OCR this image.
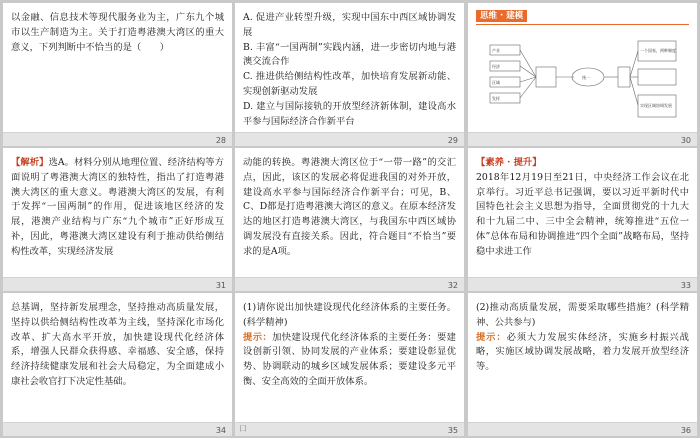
以金融、信息技术等现代服务业为主，广东九个城市以生产制造为主。关于打造粤港澳大湾区的重大意义，下列判断中不恰当的是（　　）
28
A. 促进产业转型升级，实现中国东中西区域协调发展
B. 丰富“一国两制”实践内涵，进一步密切内地与港澳交流合作
C. 推进供给侧结构性改革，加快培育发展新动能、实现创新驱动发展
D. 建立与国际接轨的开放型经济新体制，建设高水平参与国际经济合作新平台
29
思维 · 建模
一个国家，两种制度
产业
经济
区域
发挥
统一
实现区域协调发展
30
【解析】选A。材料分别从地理位置、经济结构等方面说明了粤港澳大湾区的独特性，指出了打造粤港澳大湾区的重大意义。粤港澳大湾区的发展，有利于发挥“一国两制”的作用，促进该地区经济的发展，港澳产业结构与广东“九个城市”正好形成互补，因此，粤港澳大湾区建设有利于推动供给侧结构性改革，实现经济发展
31
动能的转换。粤港澳大湾区位于“一带一路”的交汇点，因此，该区的发展必将促进我国的对外开放，建设高水平参与国际经济合作新平台；可见，B、C、D都是打造粤港澳大湾区的意义。在原本经济发达的地区打造粤港澳大湾区，与我国东中西区域协调发展没有直接关系。因此，符合题目“不恰当”要求的是A项。
32
【素养 · 提升】
2018年12月19日至21日，中央经济工作会议在北京举行。习近平总书记强调，要以习近平新时代中国特色社会主义思想为指导，全面贯彻党的十九大和十九届二中、三中全会精神，统筹推进“五位一体”总体布局和协调推进“四个全面”战略布局，坚持稳中求进工作
33
总基调，坚持新发展理念，坚持推动高质量发展，坚持以供给侧结构性改革为主线，坚持深化市场化改革、扩大高水平开放，加快建设现代化经济体系，增强人民群众获得感、幸福感、安全感，保持经济持续健康发展和社会大局稳定，为全面建成小康社会收官打下决定性基础。
34
(1)请你说出加快建设现代化经济体系的主要任务。(科学精神)
提示：加快建设现代化经济体系的主要任务：要建设创新引领、协同发展的产业体系；要建设彰显优势、协调联动的城乡区域发展体系；要建设多元平衡、安全高效的全面开放体系。
口	35
(2)推动高质量发展，需要采取哪些措施？(科学精神、公共参与)
提示：必须大力发展实体经济，实施乡村振兴战略，实施区域协调发展战略，着力发展开放型经济等。
36
